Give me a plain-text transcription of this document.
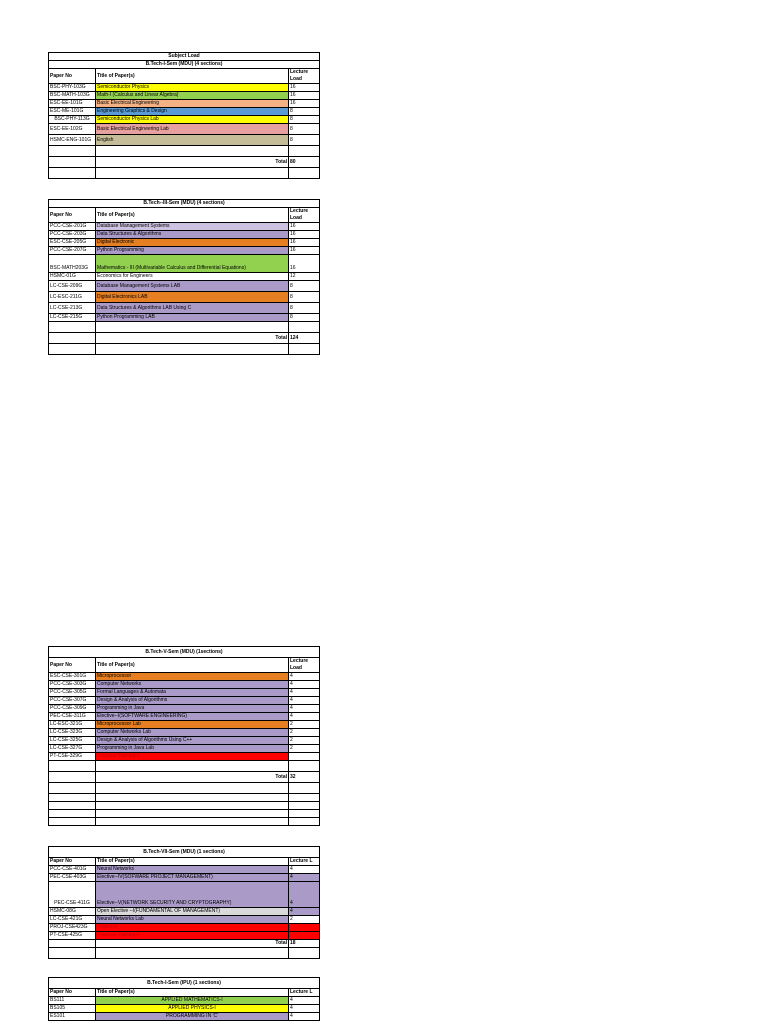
Subject Load		
B.Tech-I-Sem (MDU) (4 sections)		
Paper No	Title of Paper(s)	Lecture Load
BSC-PHY-103G	Semiconductor Physics	16
BSC-MATH-103G	Math-I (Calculus and Linear Algebra)	16
ESC-EE-101G	Basic Electrical Engineering	16
ESC-ME-101G	Engineering Graphics & Design	8
BSC-PHY-113G	Semiconductor Physics Lab	8
ESC-EE-102G	Basic Electrical Engineering Lab	8
HSMC-ENG-101G	English	8

	Total	80

B.Tech--III-Sem (MDU) (4 sections)		
Paper No	Title of Paper(s)	Lecture Load
PCC-CSE-201G	Database Management Systems	16
PCC-CSE-203G	Data Structures & Algorithms	16
ESC-CSE-205G	Digital Electronic	16
PCC-CSE-207G	Python Programming	16
BSC-MATH203G	Mathematics - III (Multivariable Calculus and Differential Equations)	16
HSMC-01G	Economics for Engineers	12
LC-CSE-209G	Database Management Systems LAB	8
LC-ESC-211G	Digital Electronics LAB	8
LC-CSE-213G	Data Structures & Algorithms LAB Using C	8
LC-CSE-215G	Python Programming LAB	8

	Total	124

B.Tech-V-Sem (MDU) (1sections)		
Paper No	Title of Paper(s)	Lecture Load
ESC-CSE-301G	Microprocessor	4
PCC-CSE-303G	Computer Networks	4
PCC-CSE-305G	Formal Languages & Automata	4
PCC-CSE-307G	Design & Analysis of Algorithms	4
PCC-CSE-309G	Programming in Java	4
PEC-CSE-311G	Elective--I(SOFTWARE ENGINEERING)	4
LC-ESC-321G	Microprocessor Lab	2
LC-CSE-323G	Computer Networks Lab	2
LC-CSE-325G	Design & Analysis of Algorithms Using C++	2
LC-CSE-327G	Programming in Java Lab	2
PT-CSE-329G	Practical Training-1	

	Total	32

B.Tech-VII-Sem (MDU) (1 sections)		
Paper No	Title of Paper(s)	Lecture L
PCC-CSE-401G	Neural Networks	4
PEC-CSE-403G	Elective--IV(SOFWARE PROJECT MANAGEMENT)	4
PEC-CSE-411G	Elective--V(NETWORK SECURITY AND CRYPTOGRAPHY)	4
HSMC-08G	Open Elective --I(FUNDAMENTAL OF MANAGEMENT)	4
LC-CSE-421G	Neural Networks Lab	2
PROJ-CSE423G	Project-II	
PT-CSE-425G	Practical Training-II	
	Total	18

B.Tech-I-Sem (IPU) (1 sections)		
Paper No	Title of Paper(s)	Lecture L
BS111	APPLIED MATHEMATICS-I	4
BS105	APPLIED PHYSICS-I	4
ES101	PROGRAMMING IN 'C'	4
